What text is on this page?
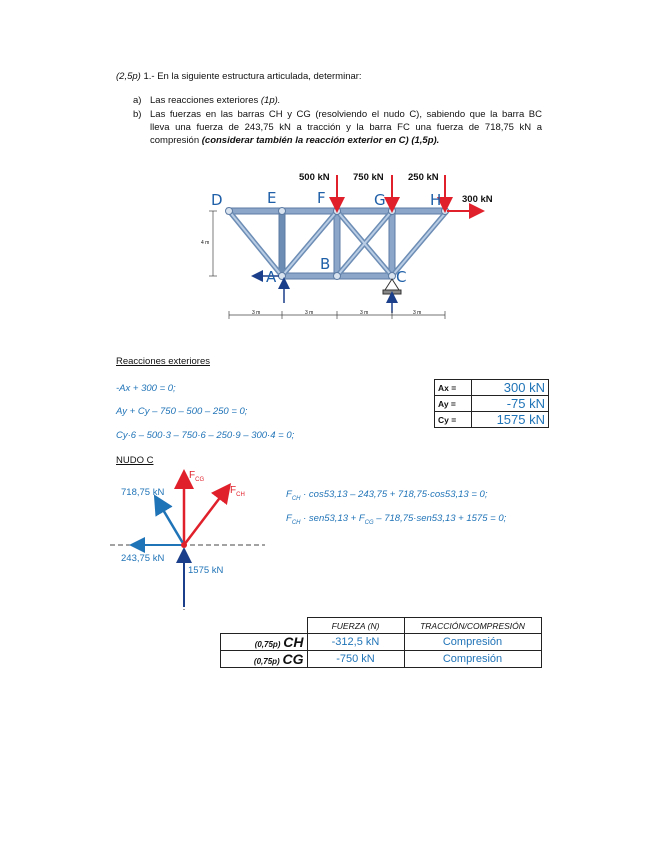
(2,5p) 1.- En la siguiente estructura articulada, determinar:
a) Las reacciones exteriores (1p).
b) Las fuerzas en las barras CH y CG (resolviendo el nudo C), sabiendo que la barra BC
lleva una fuerza de 243,75 kN a tracción y la barra FC una fuerza de 718,75 kN a
compresión (considerar también la reacción exterior en C) (1,5p).
500 kN 750 kN	250 kN
300 kN
D	E	F	G	H
A
B
C
4 m
3 m	3 m	3 m	3 m
Reacciones exteriores
-Ax + 300 = 0;
Ay + Cy – 750 – 500 – 250 = 0;
Cy·6 – 500·3 – 750·6 – 250·9 – 300·4 = 0;
Ax =	300 kN
Ay =	-75 kN
Cy =	1575 kN
NUDO C
$F_{CG}$
$F_{CH}$
718,75 kN
243,75 kN
1575 kN
$F_{CH} \cdot \cos 53,13 - 243,75 + 718,75\cdot\cos 53,13 = 0$;
$F_{CH} \cdot sen53,13 + F_{CG} - 718,75\cdot sen53,13 + 1575 = 0$;
	FUERZA (N)	TRACCIÓN/COMPRESIÓN
(0,75p) CH	-312,5 kN	Compresión
(0,75p) CG	-750 kN	Compresión
